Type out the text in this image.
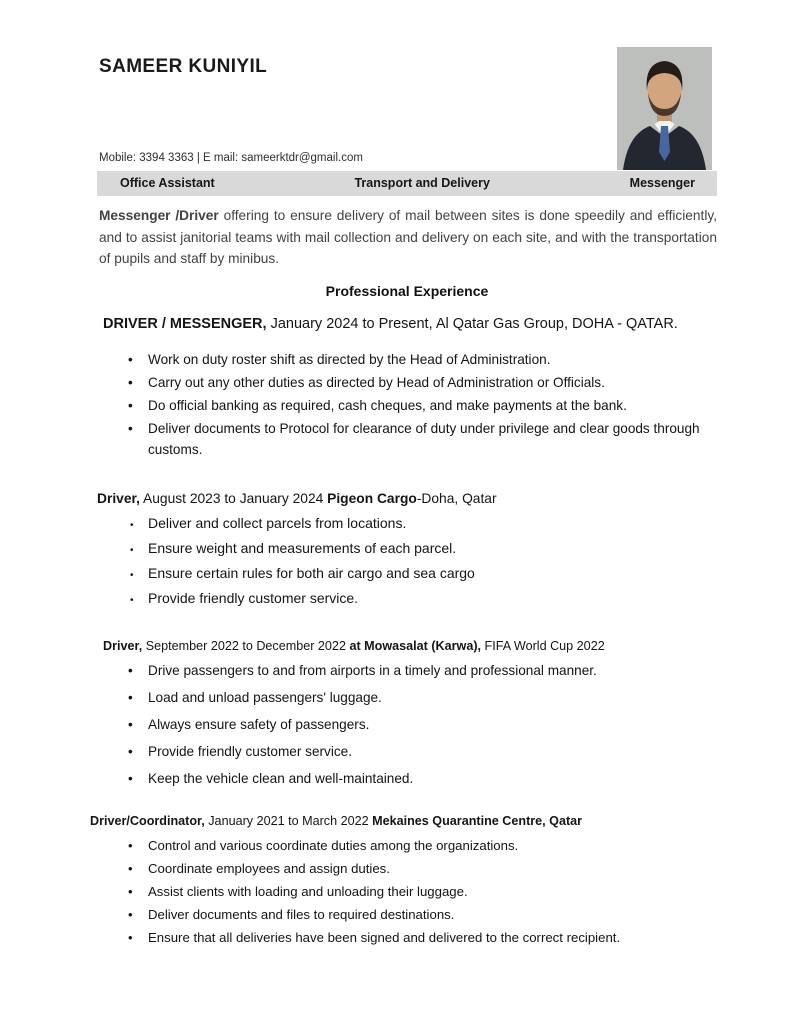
SAMEER KUNIYIL
Mobile: 3394 3363 | E mail: sameerktdr@gmail.com
Office Assistant	Transport and Delivery	Messenger

Messenger /Driver offering to ensure delivery of mail between sites is done speedily and efficiently, and to assist janitorial teams with mail collection and delivery on each site, and with the transportation of pupils and staff by minibus.

Professional Experience

DRIVER / MESSENGER, January 2024 to Present, Al Qatar Gas Group, DOHA - QATAR.

• Work on duty roster shift as directed by the Head of Administration.
• Carry out any other duties as directed by Head of Administration or Officials.
• Do official banking as required, cash cheques, and make payments at the bank.
• Deliver documents to Protocol for clearance of duty under privilege and clear goods through customs.

Driver, August 2023 to January 2024 Pigeon Cargo-Doha, Qatar

• Deliver and collect parcels from locations.
• Ensure weight and measurements of each parcel.
• Ensure certain rules for both air cargo and sea cargo
• Provide friendly customer service.

Driver, September 2022 to December 2022 at Mowasalat (Karwa), FIFA World Cup 2022

• Drive passengers to and from airports in a timely and professional manner.
• Load and unload passengers' luggage.
• Always ensure safety of passengers.
• Provide friendly customer service.
• Keep the vehicle clean and well-maintained.

Driver/Coordinator, January 2021 to March 2022 Mekaines Quarantine Centre, Qatar

• Control and various coordinate duties among the organizations.
• Coordinate employees and assign duties.
• Assist clients with loading and unloading their luggage.
• Deliver documents and files to required destinations.
• Ensure that all deliveries have been signed and delivered to the correct recipient.
